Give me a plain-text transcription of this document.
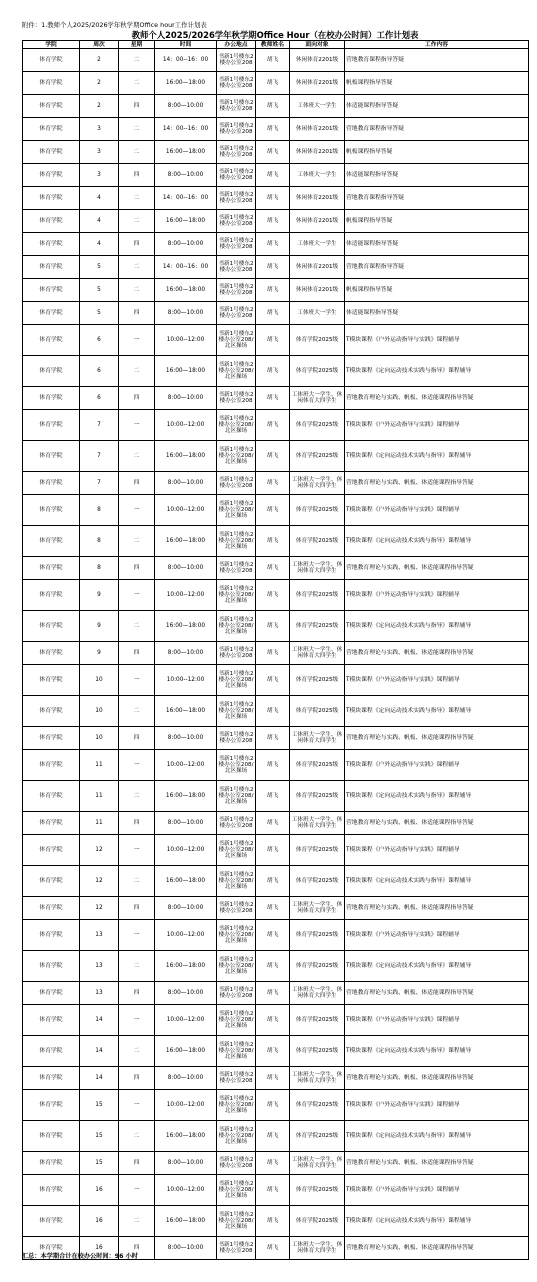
附件：1.教师个人2025/2026学年秋学期Office hour工作计划表
教师个人2025/2026学年秋学期Office Hour（在校办公时间）工作计划表
学院	周次	星期	时间	办公地点	教师姓名	面向对象	工作内容
体育学院	2	二	14：00--16：00	书新1号楼东2楼办公室208	胡飞	休闲体育2201级	营地教育课程指导答疑
体育学院	2	二	16:00—18:00	书新1号楼东2楼办公室208	胡飞	休闲体育2201级	帆板课程指导答疑
体育学院	2	四	8:00—10:00	书新1号楼东2楼办公室208	胡飞	工体班大一学生	体适能课程指导答疑
体育学院	3	二	14：00--16：00	书新1号楼东2楼办公室208	胡飞	休闲体育2201级	营地教育课程指导答疑
体育学院	3	二	16:00—18:00	书新1号楼东2楼办公室208	胡飞	休闲体育2201级	帆板课程指导答疑
体育学院	3	四	8:00—10:00	书新1号楼东2楼办公室208	胡飞	工体班大一学生	体适能课程指导答疑
体育学院	4	二	14：00--16：00	书新1号楼东2楼办公室208	胡飞	休闲体育2201级	营地教育课程指导答疑
体育学院	4	二	16:00—18:00	书新1号楼东2楼办公室208	胡飞	休闲体育2201级	帆板课程指导答疑
体育学院	4	四	8:00—10:00	书新1号楼东2楼办公室208	胡飞	工体班大一学生	体适能课程指导答疑
体育学院	5	二	14：00--16：00	书新1号楼东2楼办公室208	胡飞	休闲体育2201级	营地教育课程指导答疑
体育学院	5	二	16:00—18:00	书新1号楼东2楼办公室208	胡飞	休闲体育2201级	帆板课程指导答疑
体育学院	5	四	8:00—10:00	书新1号楼东2楼办公室208	胡飞	工体班大一学生	体适能课程指导答疑
体育学院	6	一	10:00--12:00	书新1号楼东2楼办公室208/北区操场	胡飞	体育学院2025级	T模块课程《户外运动指导与实践》课程辅导
体育学院	6	二	16:00—18:00	书新1号楼东2楼办公室208/北区操场	胡飞	体育学院2025级	T模块课程《定向运动技术实践与指导》课程辅导
体育学院	6	四	8:00—10:00	书新1号楼东2楼办公室208	胡飞	工体班大一学生、休闲体育大四学生	营地教育理论与实践、帆板、体适能课程指导答疑
体育学院	7	一	10:00--12:00	书新1号楼东2楼办公室208/北区操场	胡飞	体育学院2025级	T模块课程《户外运动指导与实践》课程辅导
体育学院	7	二	16:00—18:00	书新1号楼东2楼办公室208/北区操场	胡飞	体育学院2025级	T模块课程《定向运动技术实践与指导》课程辅导
体育学院	7	四	8:00—10:00	书新1号楼东2楼办公室208	胡飞	工体班大一学生、休闲体育大四学生	营地教育理论与实践、帆板、体适能课程指导答疑
体育学院	8	一	10:00--12:00	书新1号楼东2楼办公室208/北区操场	胡飞	体育学院2025级	T模块课程《户外运动指导与实践》课程辅导
体育学院	8	二	16:00—18:00	书新1号楼东2楼办公室208/北区操场	胡飞	体育学院2025级	T模块课程《定向运动技术实践与指导》课程辅导
体育学院	8	四	8:00—10:00	书新1号楼东2楼办公室208	胡飞	工体班大一学生、休闲体育大四学生	营地教育理论与实践、帆板、体适能课程指导答疑
体育学院	9	一	10:00--12:00	书新1号楼东2楼办公室208/北区操场	胡飞	体育学院2025级	T模块课程《户外运动指导与实践》课程辅导
体育学院	9	二	16:00—18:00	书新1号楼东2楼办公室208/北区操场	胡飞	体育学院2025级	T模块课程《定向运动技术实践与指导》课程辅导
体育学院	9	四	8:00—10:00	书新1号楼东2楼办公室208	胡飞	工体班大一学生、休闲体育大四学生	营地教育理论与实践、帆板、体适能课程指导答疑
体育学院	10	一	10:00--12:00	书新1号楼东2楼办公室208/北区操场	胡飞	体育学院2025级	T模块课程《户外运动指导与实践》课程辅导
体育学院	10	二	16:00—18:00	书新1号楼东2楼办公室208/北区操场	胡飞	体育学院2025级	T模块课程《定向运动技术实践与指导》课程辅导
体育学院	10	四	8:00—10:00	书新1号楼东2楼办公室208	胡飞	工体班大一学生、休闲体育大四学生	营地教育理论与实践、帆板、体适能课程指导答疑
体育学院	11	一	10:00--12:00	书新1号楼东2楼办公室208/北区操场	胡飞	体育学院2025级	T模块课程《户外运动指导与实践》课程辅导
体育学院	11	二	16:00—18:00	书新1号楼东2楼办公室208/北区操场	胡飞	体育学院2025级	T模块课程《定向运动技术实践与指导》课程辅导
体育学院	11	四	8:00—10:00	书新1号楼东2楼办公室208	胡飞	工体班大一学生、休闲体育大四学生	营地教育理论与实践、帆板、体适能课程指导答疑
体育学院	12	一	10:00--12:00	书新1号楼东2楼办公室208/北区操场	胡飞	体育学院2025级	T模块课程《户外运动指导与实践》课程辅导
体育学院	12	二	16:00—18:00	书新1号楼东2楼办公室208/北区操场	胡飞	体育学院2025级	T模块课程《定向运动技术实践与指导》课程辅导
体育学院	12	四	8:00—10:00	书新1号楼东2楼办公室208	胡飞	工体班大一学生、休闲体育大四学生	营地教育理论与实践、帆板、体适能课程指导答疑
体育学院	13	一	10:00--12:00	书新1号楼东2楼办公室208/北区操场	胡飞	体育学院2025级	T模块课程《户外运动指导与实践》课程辅导
体育学院	13	二	16:00—18:00	书新1号楼东2楼办公室208/北区操场	胡飞	体育学院2025级	T模块课程《定向运动技术实践与指导》课程辅导
体育学院	13	四	8:00—10:00	书新1号楼东2楼办公室208	胡飞	工体班大一学生、休闲体育大四学生	营地教育理论与实践、帆板、体适能课程指导答疑
体育学院	14	一	10:00--12:00	书新1号楼东2楼办公室208/北区操场	胡飞	体育学院2025级	T模块课程《户外运动指导与实践》课程辅导
体育学院	14	二	16:00—18:00	书新1号楼东2楼办公室208/北区操场	胡飞	体育学院2025级	T模块课程《定向运动技术实践与指导》课程辅导
体育学院	14	四	8:00—10:00	书新1号楼东2楼办公室208	胡飞	工体班大一学生、休闲体育大四学生	营地教育理论与实践、帆板、体适能课程指导答疑
体育学院	15	一	10:00--12:00	书新1号楼东2楼办公室208/北区操场	胡飞	体育学院2025级	T模块课程《户外运动指导与实践》课程辅导
体育学院	15	二	16:00—18:00	书新1号楼东2楼办公室208/北区操场	胡飞	体育学院2025级	T模块课程《定向运动技术实践与指导》课程辅导
体育学院	15	四	8:00—10:00	书新1号楼东2楼办公室208	胡飞	工体班大一学生、休闲体育大四学生	营地教育理论与实践、帆板、体适能课程指导答疑
体育学院	16	一	10:00--12:00	书新1号楼东2楼办公室208/北区操场	胡飞	体育学院2025级	T模块课程《户外运动指导与实践》课程辅导
体育学院	16	二	16:00—18:00	书新1号楼东2楼办公室208/北区操场	胡飞	体育学院2025级	T模块课程《定向运动技术实践与指导》课程辅导
体育学院	16	四	8:00—10:00	书新1号楼东2楼办公室208	胡飞	工体班大一学生、休闲体育大四学生	营地教育理论与实践、帆板、体适能课程指导答疑
汇总：本学期合计在校办公时间：96 小时
